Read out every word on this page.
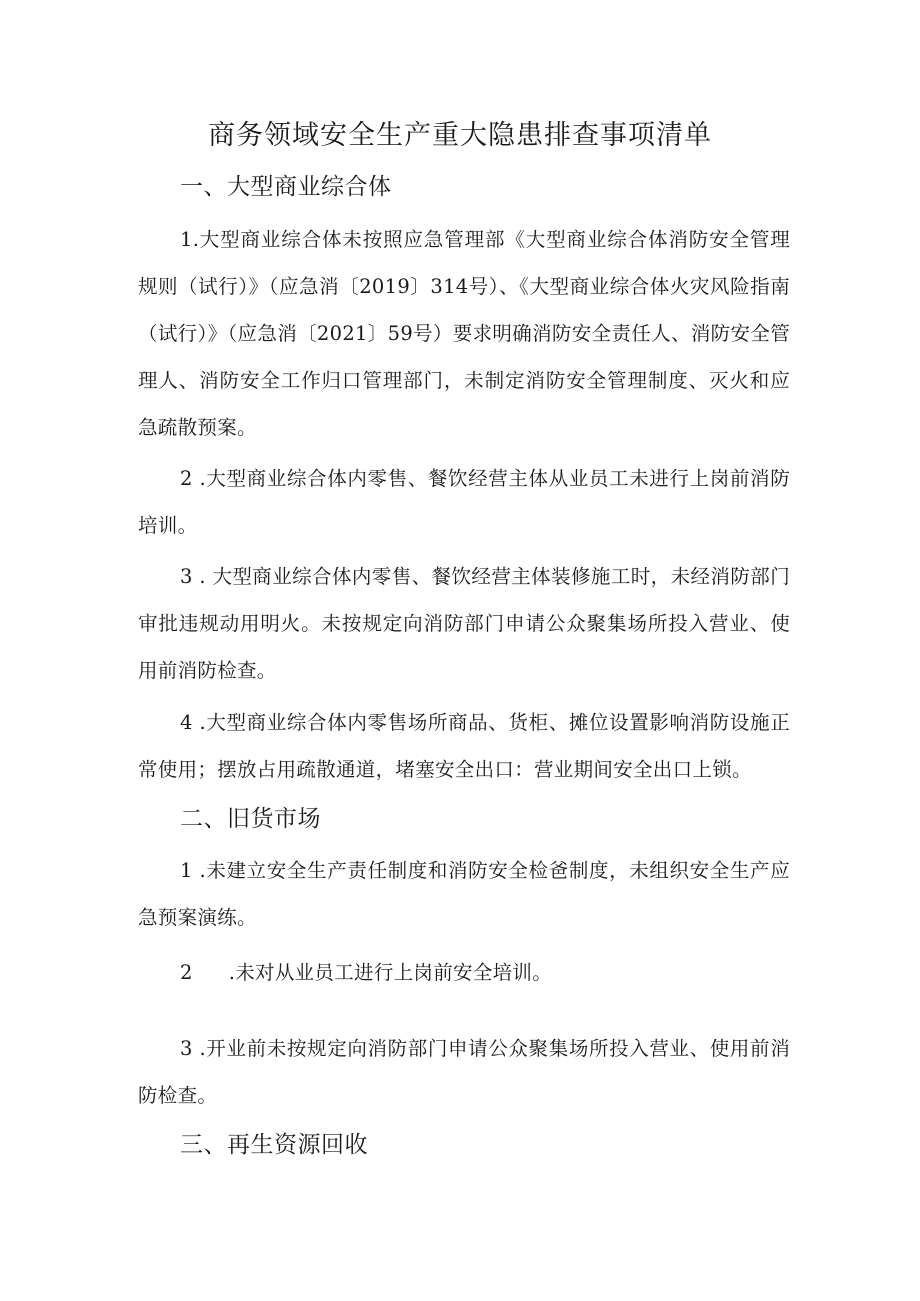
商务领域安全生产重大隐患排查事项清单
一、大型商业综合体
1.大型商业综合体未按照应急管理部《大型商业综合体消防安全管理规则（试行）》（应急消〔2019〕314号）、《大型商业综合体火灾风险指南（试行）》（应急消〔2021〕59号）要求明确消防安全责任人、消防安全管理人、消防安全工作归口管理部门，未制定消防安全管理制度、灭火和应急疏散预案。
2 .大型商业综合体内零售、餐饮经营主体从业员工未进行上岗前消防培训。
3 . 大型商业综合体内零售、餐饮经营主体装修施工时，未经消防部门审批违规动用明火。未按规定向消防部门申请公众聚集场所投入营业、使用前消防检查。
4 .大型商业综合体内零售场所商品、货柜、摊位设置影响消防设施正常使用；摆放占用疏散通道，堵塞安全出口：营业期间安全出口上锁。
二、旧货市场
1 .未建立安全生产责任制度和消防安全检爸制度，未组织安全生产应急预案演练。
2 .未对从业员工进行上岗前安全培训。
3 .开业前未按规定向消防部门申请公众聚集场所投入营业、使用前消防检查。
三、再生资源回收
